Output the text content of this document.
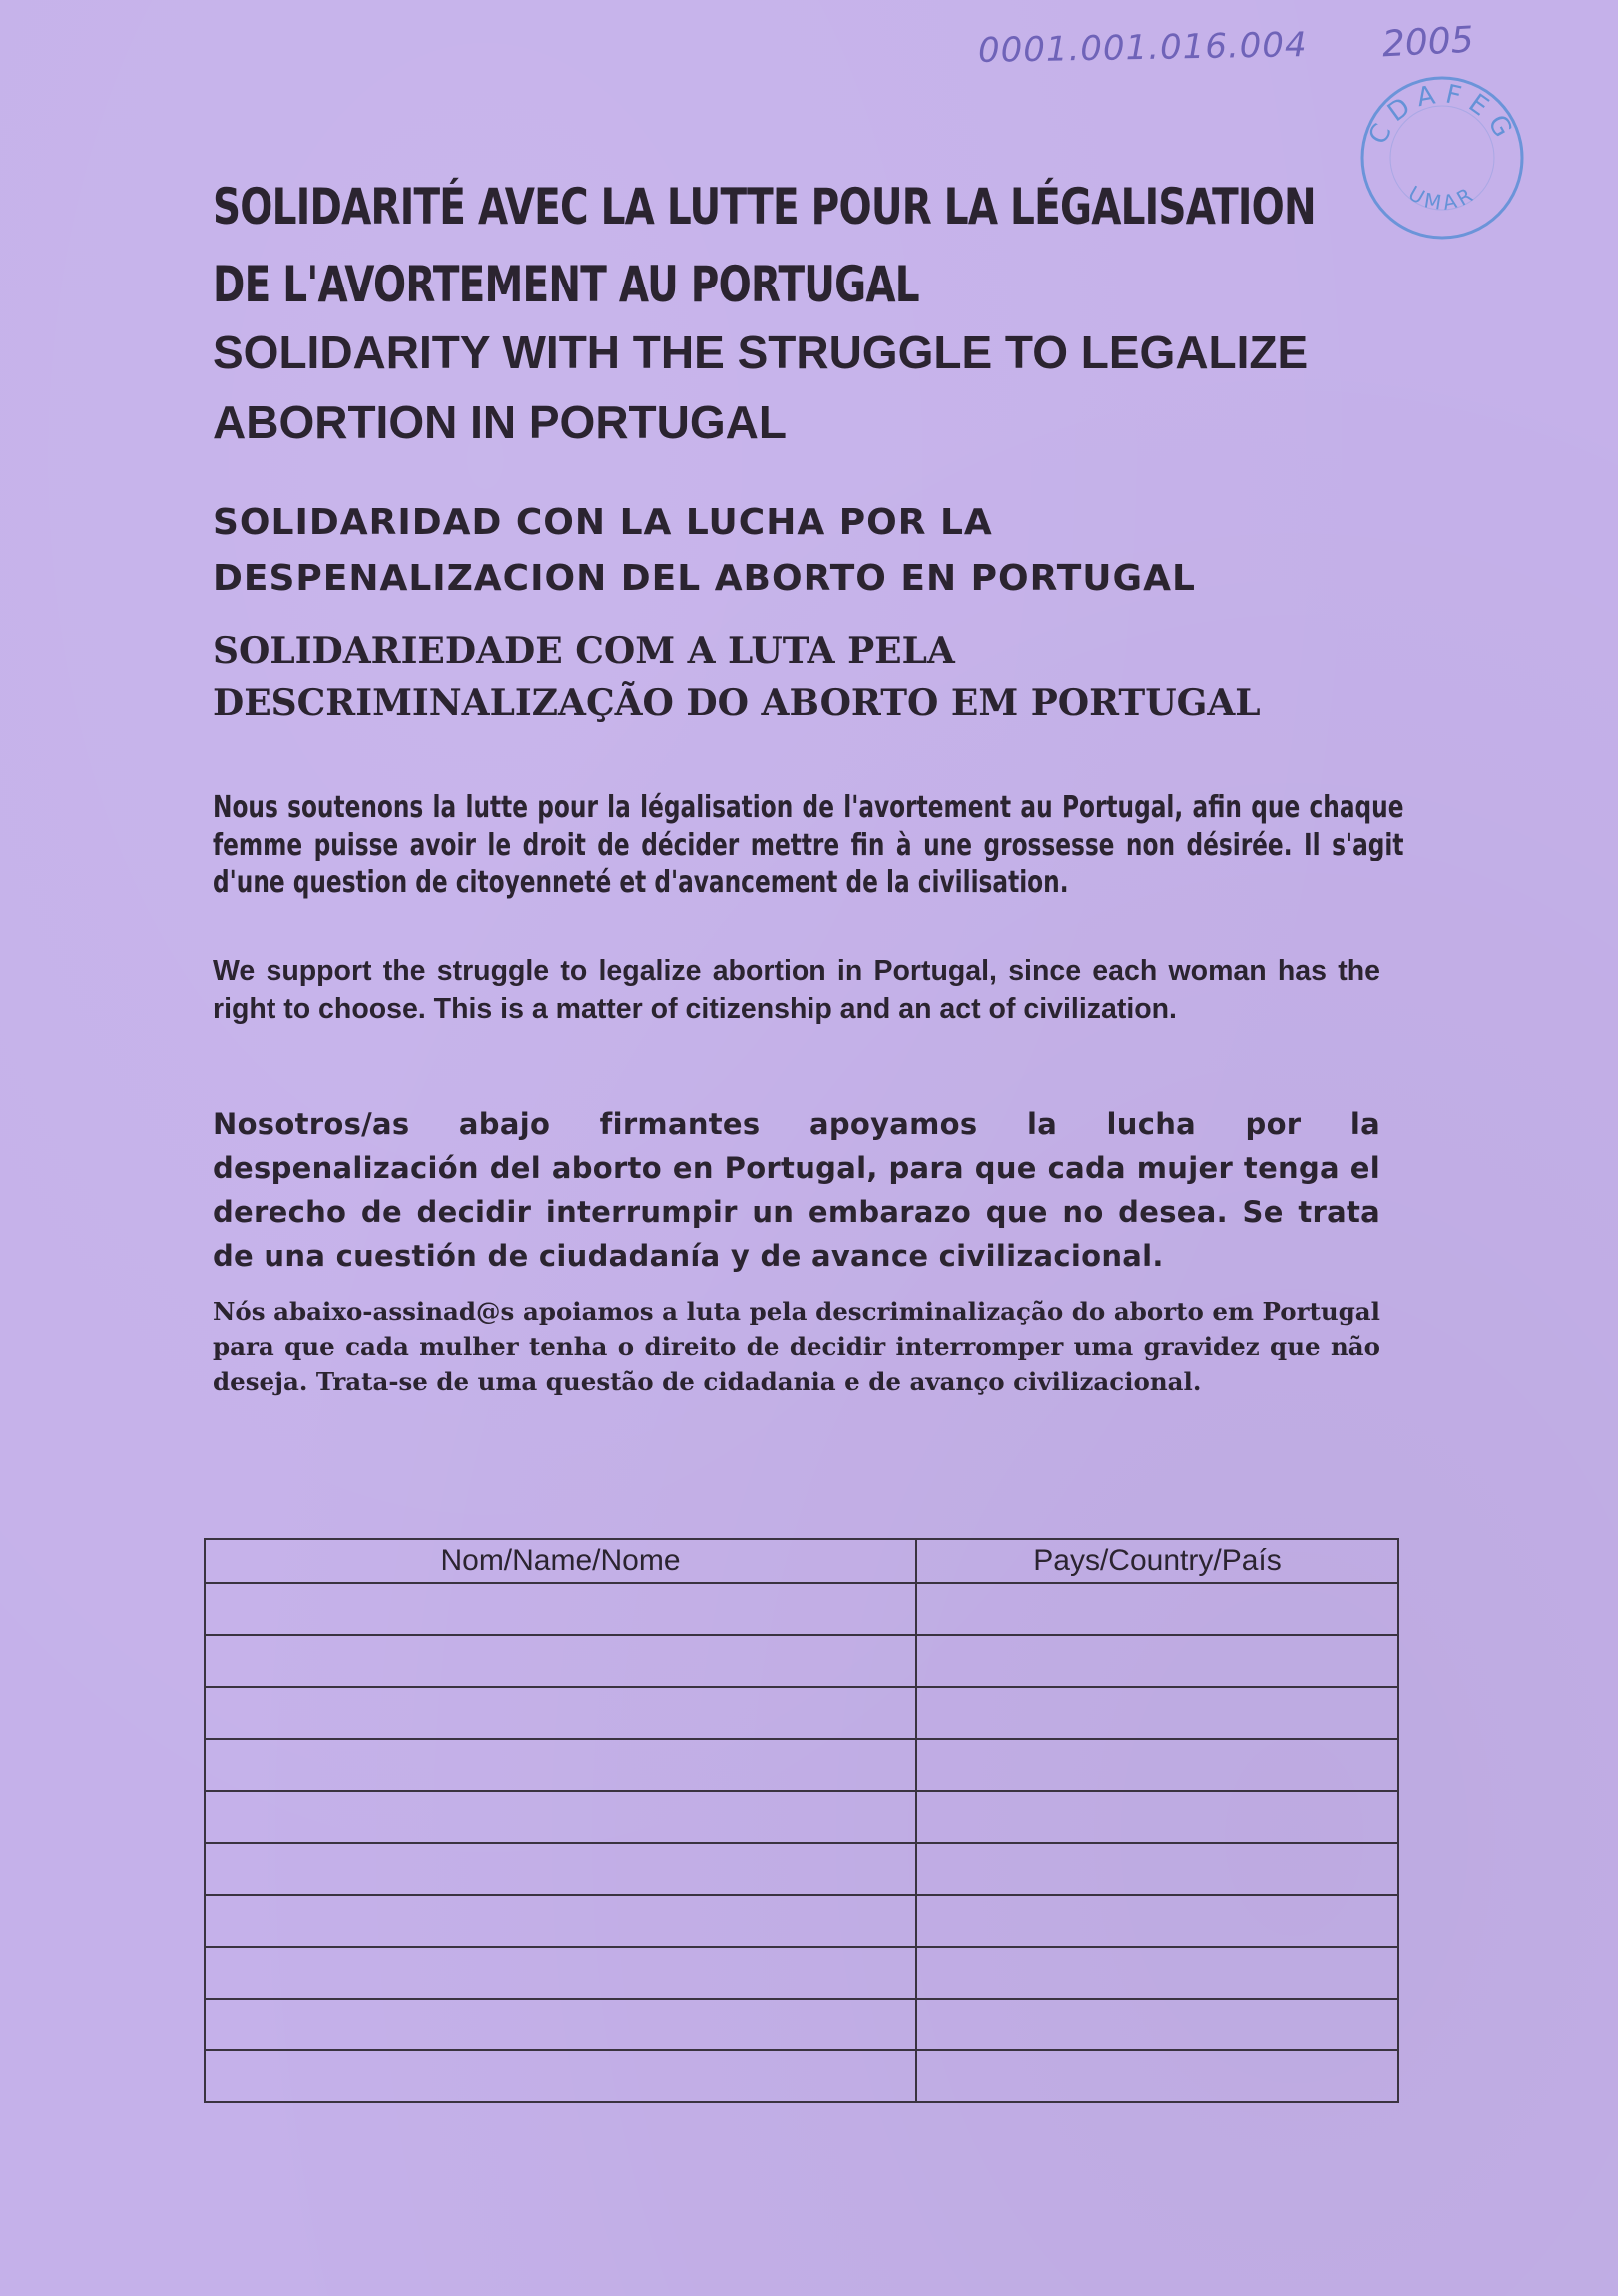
0001.001.016.004 2005
CDAFEG
UMAR
SOLIDARITÉ AVEC LA LUTTE POUR LA LÉGALISATION
DE L'AVORTEMENT AU PORTUGAL
SOLIDARITY WITH THE STRUGGLE TO LEGALIZE
ABORTION IN PORTUGAL
SOLIDARIDAD CON LA LUCHA POR LA
DESPENALIZACION DEL ABORTO EN PORTUGAL
SOLIDARIEDADE COM A LUTA PELA
DESCRIMINALIZAÇÃO DO ABORTO EM PORTUGAL

Nous soutenons la lutte pour la légalisation de l'avortement au Portugal, afin que chaque femme puisse avoir le droit de décider mettre fin à une grossesse non désirée. Il s'agit d'une question de citoyenneté et d'avancement de la civilisation.

We support the struggle to legalize abortion in Portugal, since each woman has the right to choose. This is a matter of citizenship and an act of civilization.

Nosotros/as abajo firmantes apoyamos la lucha por la despenalización del aborto en Portugal, para que cada mujer tenga el derecho de decidir interrumpir un embarazo que no desea. Se trata de una cuestión de ciudadanía y de avance civilizacional.

Nós abaixo-assinad@s apoiamos a luta pela descriminalização do aborto em Portugal para que cada mulher tenha o direito de decidir interromper uma gravidez que não deseja. Trata-se de uma questão de cidadania e de avanço civilizacional.

Nom/Name/Nome	Pays/Country/País
